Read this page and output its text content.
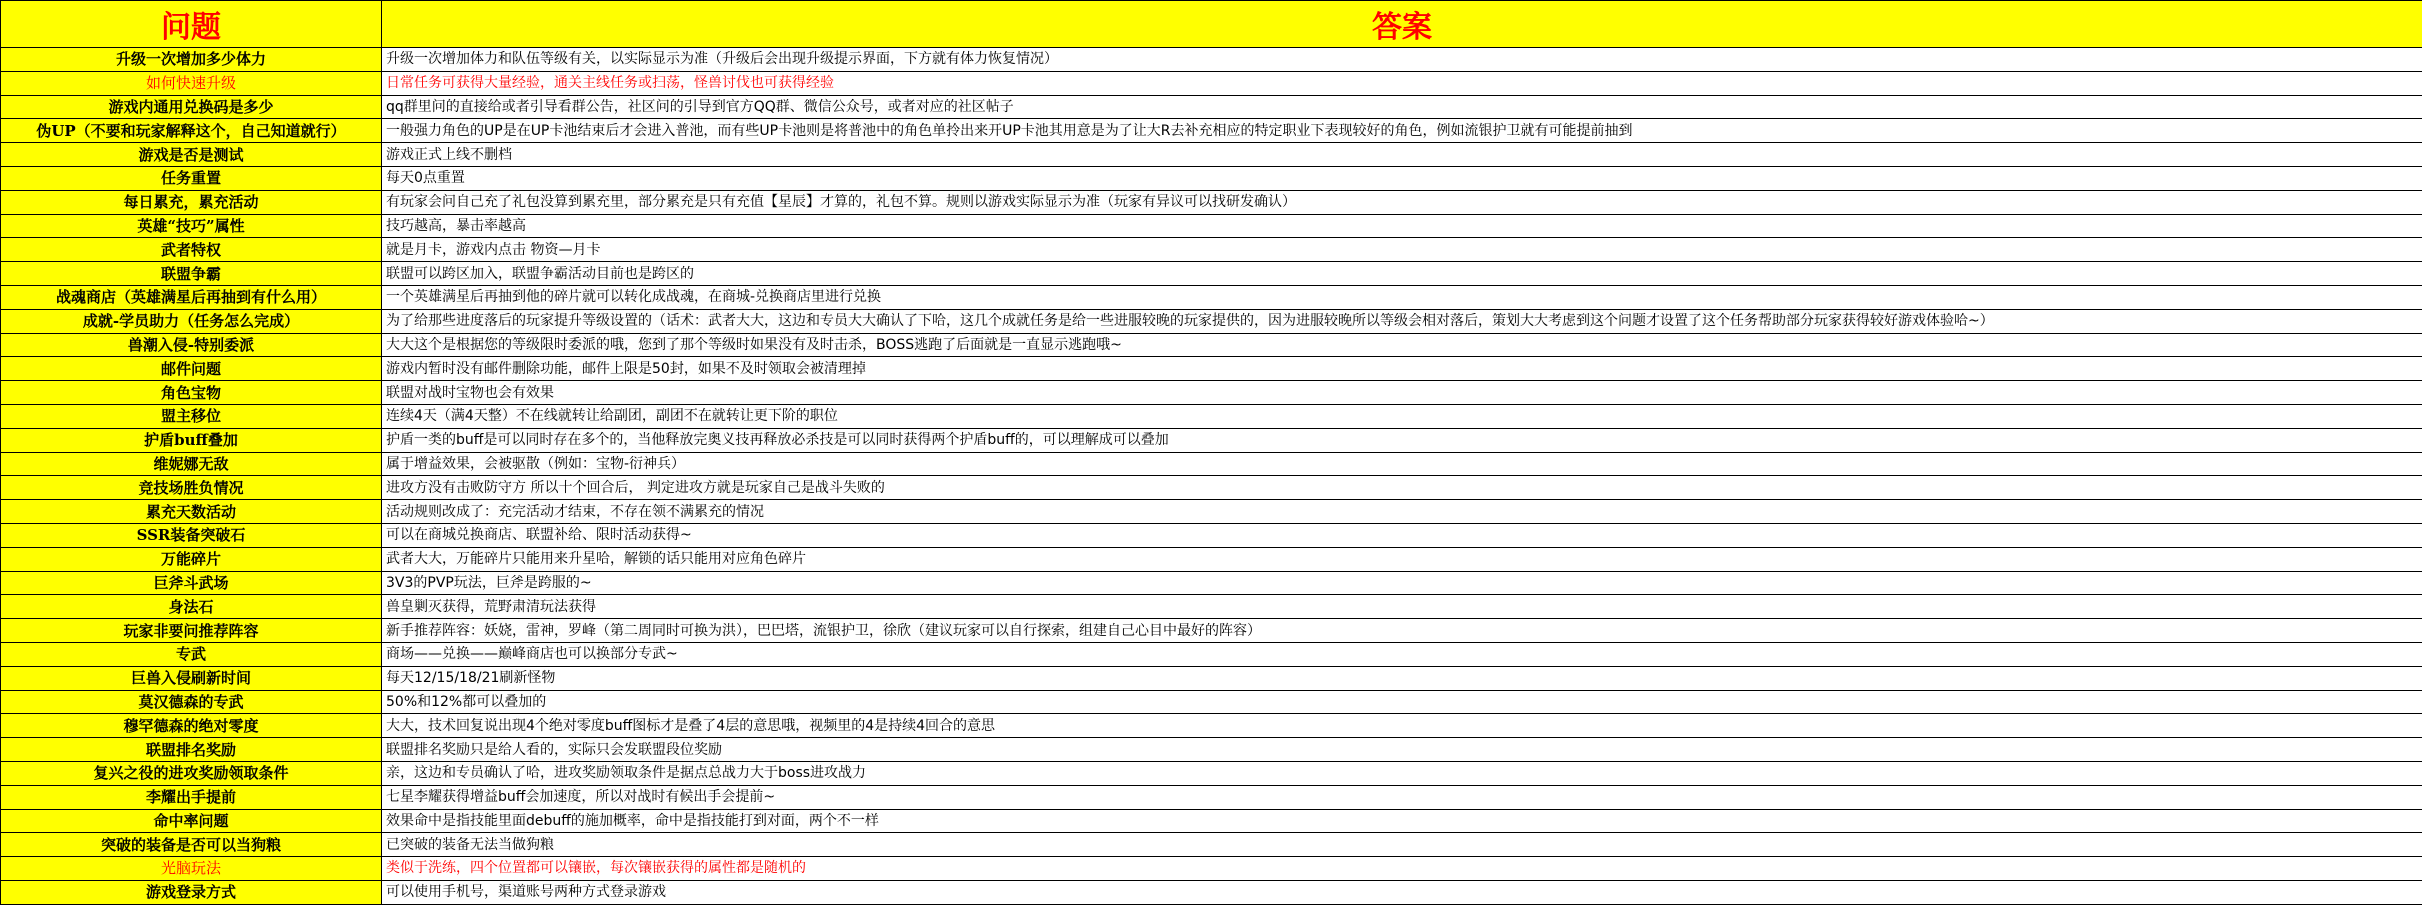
问题	答案
升级一次增加多少体力	升级一次增加体力和队伍等级有关，以实际显示为准（升级后会出现升级提示界面，下方就有体力恢复情况）
如何快速升级	日常任务可获得大量经验，通关主线任务或扫荡，怪兽讨伐也可获得经验
游戏内通用兑换码是多少	qq群里问的直接给或者引导看群公告，社区问的引导到官方QQ群、微信公众号，或者对应的社区帖子
伪UP（不要和玩家解释这个，自己知道就行）	一般强力角色的UP是在UP卡池结束后才会进入普池，而有些UP卡池则是将普池中的角色单拎出来开UP卡池其用意是为了让大R去补充相应的特定职业下表现较好的角色，例如流银护卫就有可能提前抽到
游戏是否是测试	游戏正式上线不删档
任务重置	每天0点重置
每日累充，累充活动	有玩家会问自己充了礼包没算到累充里，部分累充是只有充值【星辰】才算的，礼包不算。规则以游戏实际显示为准（玩家有异议可以找研发确认）
英雄“技巧”属性	技巧越高，暴击率越高
武者特权	就是月卡，游戏内点击 物资—月卡
联盟争霸	联盟可以跨区加入，联盟争霸活动目前也是跨区的
战魂商店（英雄满星后再抽到有什么用）	一个英雄满星后再抽到他的碎片就可以转化成战魂，在商城-兑换商店里进行兑换
成就-学员助力（任务怎么完成）	为了给那些进度落后的玩家提升等级设置的（话术：武者大大，这边和专员大大确认了下哈，这几个成就任务是给一些进服较晚的玩家提供的，因为进服较晚所以等级会相对落后，策划大大考虑到这个问题才设置了这个任务帮助部分玩家获得较好游戏体验哈~）
兽潮入侵-特别委派	大大这个是根据您的等级限时委派的哦，您到了那个等级时如果没有及时击杀，BOSS逃跑了后面就是一直显示逃跑哦~
邮件问题	游戏内暂时没有邮件删除功能，邮件上限是50封，如果不及时领取会被清理掉
角色宝物	联盟对战时宝物也会有效果
盟主移位	连续4天（满4天整）不在线就转让给副团，副团不在就转让更下阶的职位
护盾buff叠加	护盾一类的buff是可以同时存在多个的，当他释放完奥义技再释放必杀技是可以同时获得两个护盾buff的，可以理解成可以叠加
维妮娜无敌	属于增益效果，会被驱散（例如：宝物-衍神兵）
竞技场胜负情况	进攻方没有击败防守方 所以十个回合后， 判定进攻方就是玩家自己是战斗失败的
累充天数活动	活动规则改成了：充完活动才结束，不存在领不满累充的情况
SSR装备突破石	可以在商城兑换商店、联盟补给、限时活动获得~
万能碎片	武者大大，万能碎片只能用来升星哈，解锁的话只能用对应角色碎片
巨斧斗武场	3V3的PVP玩法，巨斧是跨服的~
身法石	兽皇剿灭获得，荒野肃清玩法获得
玩家非要问推荐阵容	新手推荐阵容：妖娆，雷神，罗峰（第二周同时可换为洪），巴巴塔，流银护卫，徐欣（建议玩家可以自行探索，组建自己心目中最好的阵容）
专武	商场——兑换——巅峰商店也可以换部分专武~
巨兽入侵刷新时间	每天12/15/18/21刷新怪物
莫汉德森的专武	50%和12%都可以叠加的
穆罕德森的绝对零度	大大，技术回复说出现4个绝对零度buff图标才是叠了4层的意思哦，视频里的4是持续4回合的意思
联盟排名奖励	联盟排名奖励只是给人看的，实际只会发联盟段位奖励
复兴之役的进攻奖励领取条件	亲，这边和专员确认了哈，进攻奖励领取条件是据点总战力大于boss进攻战力
李耀出手提前	七星李耀获得增益buff会加速度，所以对战时有候出手会提前~
命中率问题	效果命中是指技能里面debuff的施加概率，命中是指技能打到对面，两个不一样
突破的装备是否可以当狗粮	已突破的装备无法当做狗粮
光脑玩法	类似于洗练，四个位置都可以镶嵌，每次镶嵌获得的属性都是随机的
游戏登录方式	可以使用手机号，渠道账号两种方式登录游戏
